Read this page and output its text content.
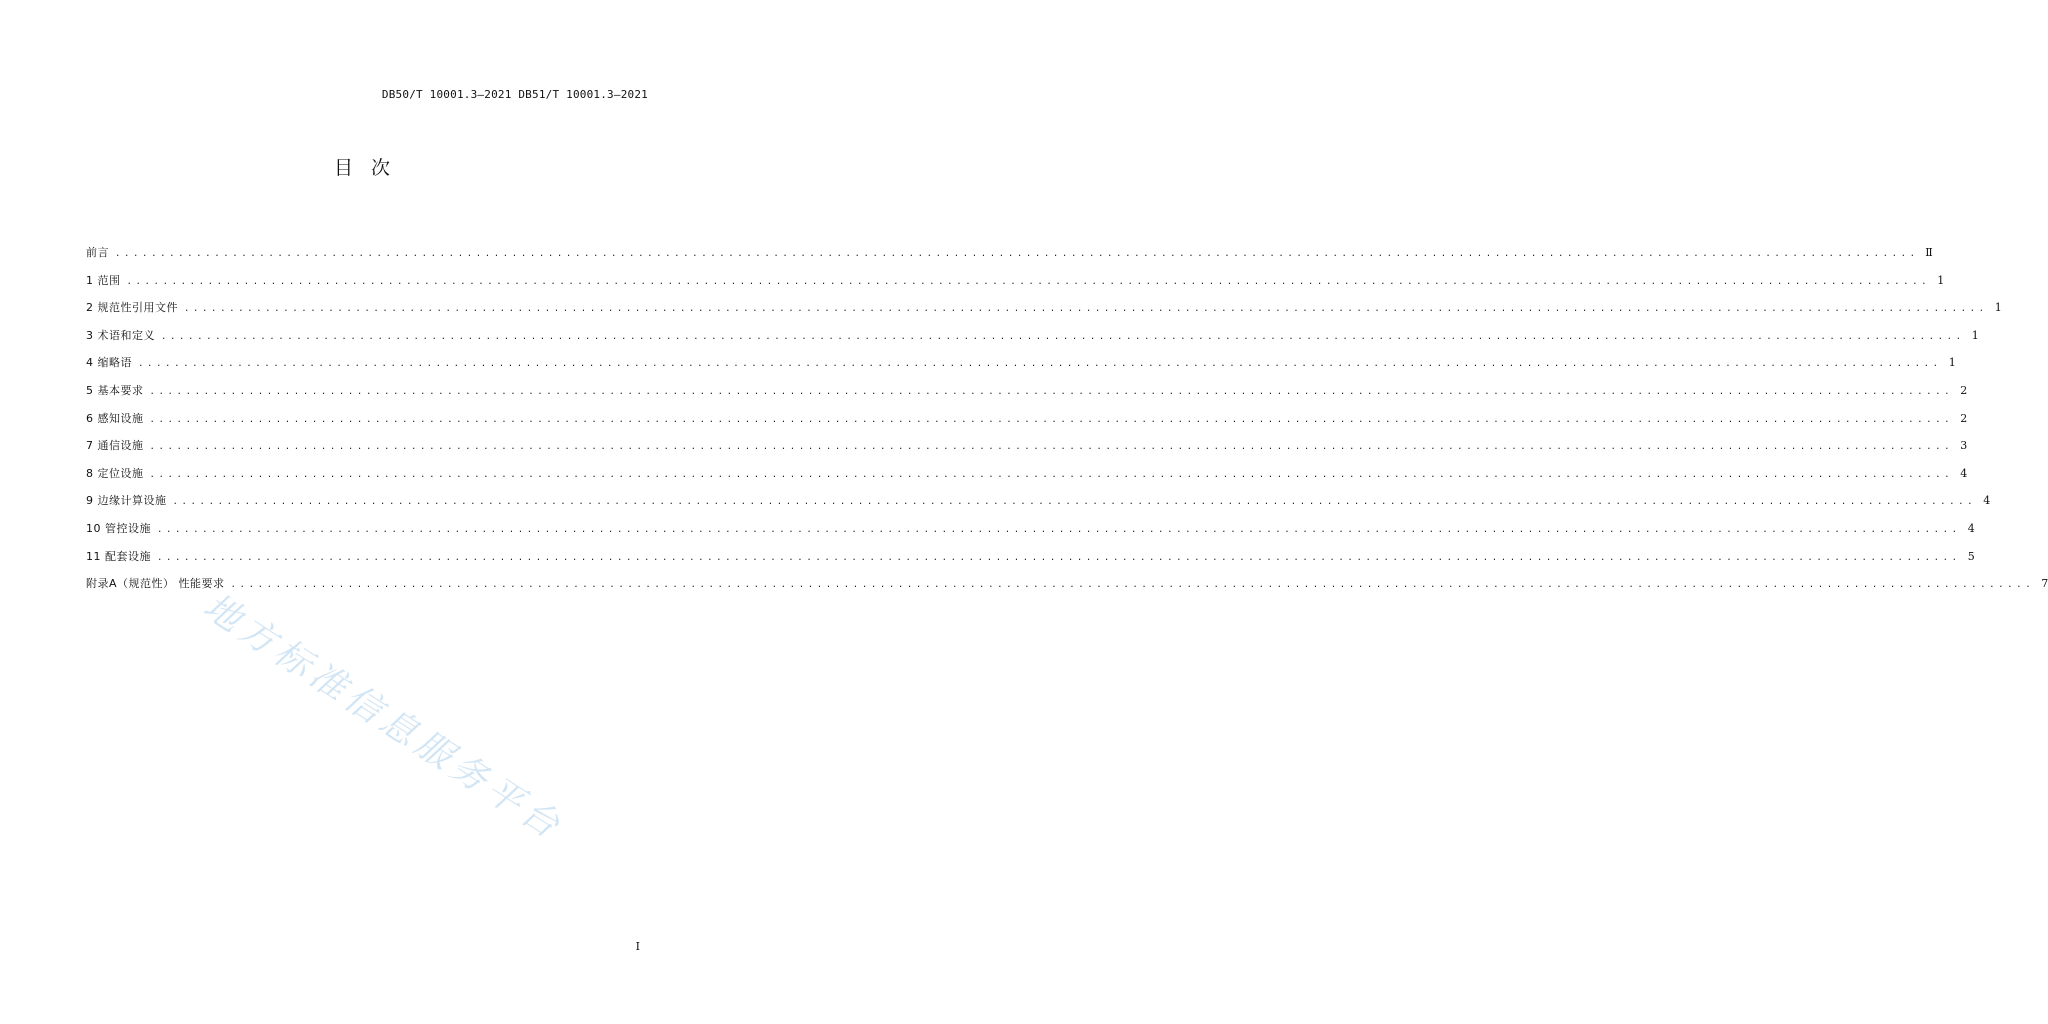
DB50/T 10001.3—2021 DB51/T 10001.3—2021
目次
前言 ........................................................................................................................................................................................................ Ⅱ
1 范围 ........................................................................................................................................................................................................ 1
2 规范性引用文件 ........................................................................................................................................................................................................ 1
3 术语和定义 ........................................................................................................................................................................................................ 1
4 缩略语 ........................................................................................................................................................................................................ 1
5 基本要求 ........................................................................................................................................................................................................ 2
6 感知设施 ........................................................................................................................................................................................................ 2
7 通信设施 ........................................................................................................................................................................................................ 3
8 定位设施 ........................................................................................................................................................................................................ 4
9 边缘计算设施 ........................................................................................................................................................................................................ 4
10 管控设施 ........................................................................................................................................................................................................ 4
11 配套设施 ........................................................................................................................................................................................................ 5
附录A（规范性） 性能要求 ........................................................................................................................................................................................................ 7
地方标准信息服务平台
I
